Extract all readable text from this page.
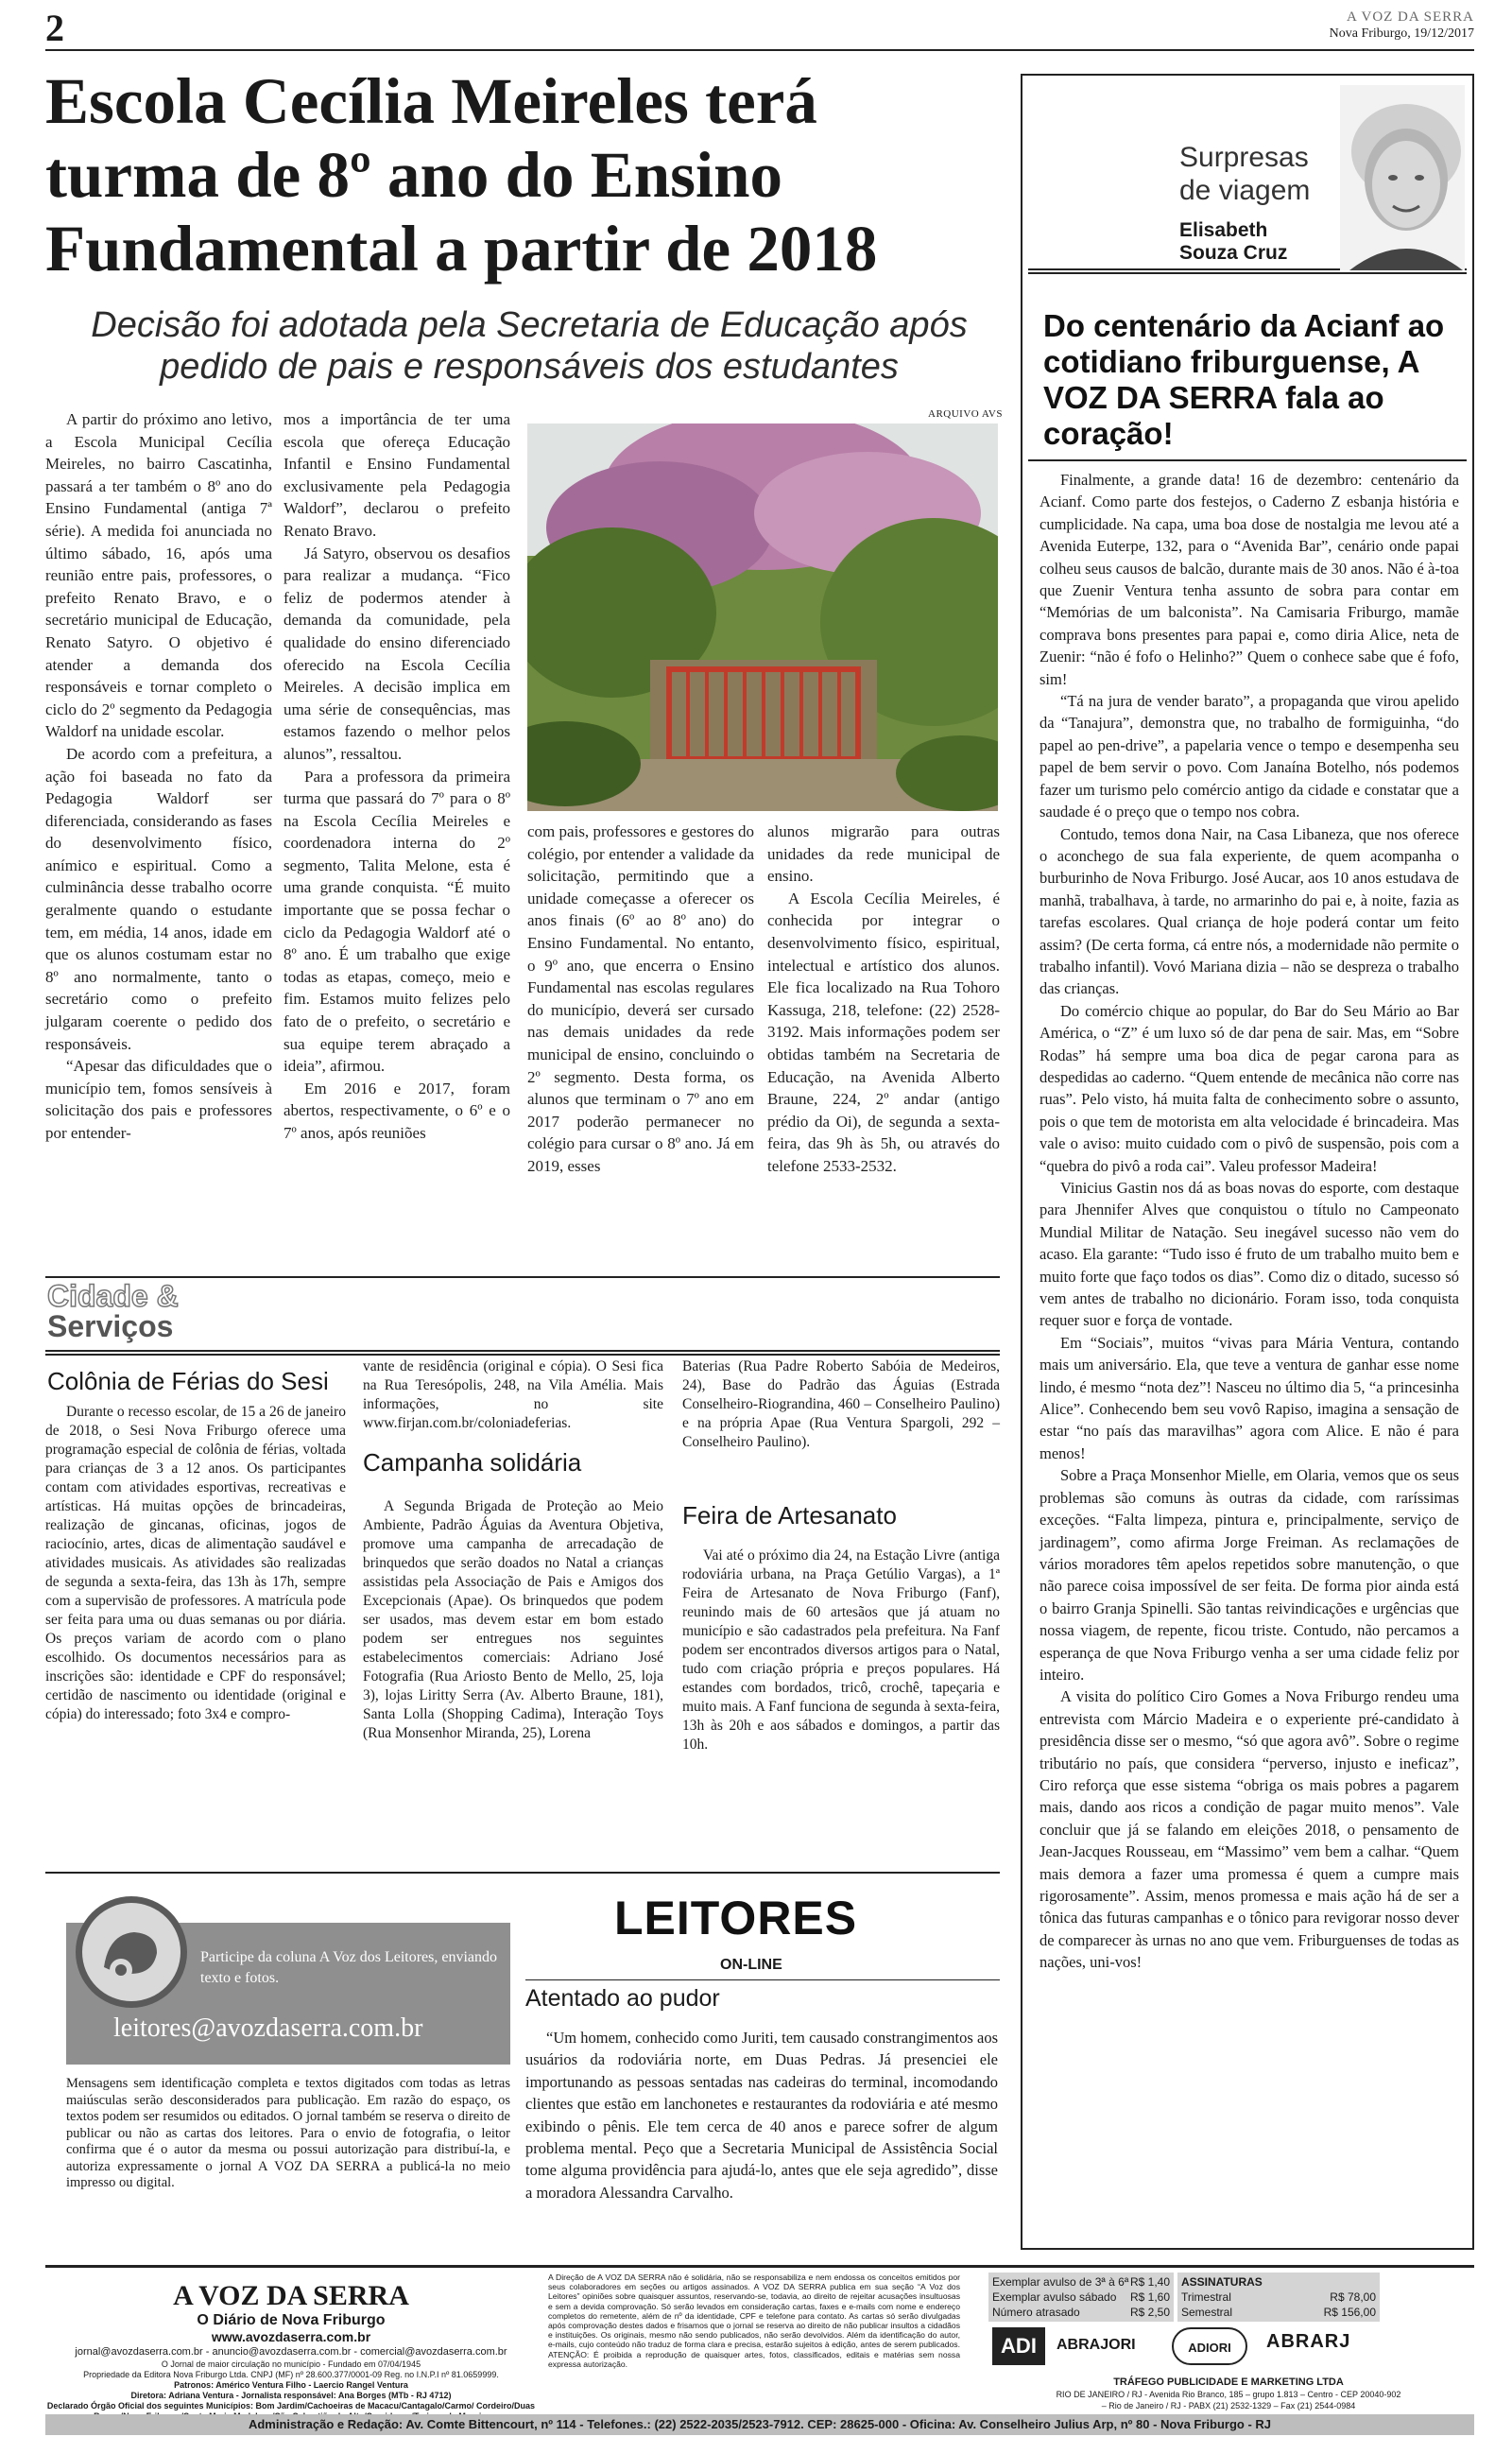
2	A VOZ DA SERRA
Nova Friburgo, 19/12/2017
Escola Cecília Meireles terá turma de 8º ano do Ensino Fundamental a partir de 2018
Decisão foi adotada pela Secretaria de Educação após pedido de pais e responsáveis dos estudantes

A partir do próximo ano letivo, a Escola Municipal Cecília Meireles, no bairro Cascatinha, passará a ter também o 8º ano do Ensino Fundamental (antiga 7ª série). A medida foi anunciada no último sábado, 16, após uma reunião entre pais, professores, o prefeito Renato Bravo, e o secretário municipal de Educação, Renato Satyro. O objetivo é atender a demanda dos responsáveis e tornar completo o ciclo do 2º segmento da Pedagogia Waldorf na unidade escolar.

De acordo com a prefeitura, a ação foi baseada no fato da Pedagogia Waldorf ser diferenciada, considerando as fases do desenvolvimento físico, anímico e espiritual. Como a culminância desse trabalho ocorre geralmente quando o estudante tem, em média, 14 anos, idade em que os alunos costumam estar no 8º ano normalmente, tanto o secretário como o prefeito julgaram coerente o pedido dos responsáveis.

“Apesar das dificuldades que o município tem, fomos sensíveis à solicitação dos pais e professores por entender-

mos a importância de ter uma escola que ofereça Educação Infantil e Ensino Fundamental exclusivamente pela Pedagogia Waldorf”, declarou o prefeito Renato Bravo.

Já Satyro, observou os desafios para realizar a mudança. “Fico feliz de podermos atender à demanda da comunidade, pela qualidade do ensino diferenciado oferecido na Escola Cecília Meireles. A decisão implica em uma série de consequências, mas estamos fazendo o melhor pelos alunos”, ressaltou.

Para a professora da primeira turma que passará do 7º para o 8º na Escola Cecília Meireles e coordenadora interna do 2º segmento, Talita Melone, esta é uma grande conquista. “É muito importante que se possa fechar o ciclo da Pedagogia Waldorf até o 8º ano. É um trabalho que exige todas as etapas, começo, meio e fim. Estamos muito felizes pelo fato de o prefeito, o secretário e sua equipe terem abraçado a ideia”, afirmou.

Em 2016 e 2017, foram abertos, respectivamente, o 6º e o 7º anos, após reuniões

ARQUIVO AVS

com pais, professores e gestores do colégio, por entender a validade da solicitação, permitindo que a unidade começasse a oferecer os anos finais (6º ao 8º ano) do Ensino Fundamental. No entanto, o 9º ano, que encerra o Ensino Fundamental nas escolas regulares do município, deverá ser cursado nas demais unidades da rede municipal de ensino, concluindo o 2º segmento. Desta forma, os alunos que terminam o 7º ano em 2017 poderão permanecer no colégio para cursar o 8º ano. Já em 2019, esses

alunos migrarão para outras unidades da rede municipal de ensino.

A Escola Cecília Meireles, é conhecida por integrar o desenvolvimento físico, espiritual, intelectual e artístico dos alunos. Ele fica localizado na Rua Tohoro Kassuga, 218, telefone: (22) 2528-3192. Mais informações podem ser obtidas também na Secretaria de Educação, na Avenida Alberto Braune, 224, 2º andar (antigo prédio da Oi), de segunda a sexta-feira, das 9h às 5h, ou através do telefone 2533-2532.

Surpresas
de viagem
Elisabeth
Souza Cruz
Do centenário da Acianf ao cotidiano friburguense, A VOZ DA SERRA fala ao coração!

Finalmente, a grande data! 16 de dezembro: centenário da Acianf. Como parte dos festejos, o Caderno Z esbanja história e cumplicidade. Na capa, uma boa dose de nostalgia me levou até a Avenida Euterpe, 132, para o “Avenida Bar”, cenário onde papai colheu seus causos de balcão, durante mais de 30 anos. Não é à-toa que Zuenir Ventura tenha assunto de sobra para contar em “Memórias de um balconista”. Na Camisaria Friburgo, mamãe comprava bons presentes para papai e, como diria Alice, neta de Zuenir: “não é fofo o Helinho?” Quem o conhece sabe que é fofo, sim!

“Tá na jura de vender barato”, a propaganda que virou apelido da “Tanajura”, demonstra que, no trabalho de formiguinha, “do papel ao pen-drive”, a papelaria vence o tempo e desempenha seu papel de bem servir o povo. Com Janaína Botelho, nós podemos fazer um turismo pelo comércio antigo da cidade e constatar que a saudade é o preço que o tempo nos cobra.

Contudo, temos dona Nair, na Casa Libaneza, que nos oferece o aconchego de sua fala experiente, de quem acompanha o burburinho de Nova Friburgo. José Aucar, aos 10 anos estudava de manhã, trabalhava, à tarde, no armarinho do pai e, à noite, fazia as tarefas escolares. Qual criança de hoje poderá contar um feito assim? (De certa forma, cá entre nós, a modernidade não permite o trabalho infantil). Vovó Mariana dizia – não se despreza o trabalho das crianças.

Do comércio chique ao popular, do Bar do Seu Mário ao Bar América, o “Z” é um luxo só de dar pena de sair. Mas, em “Sobre Rodas” há sempre uma boa dica de pegar carona para as despedidas ao caderno. “Quem entende de mecânica não corre nas ruas”. Pelo visto, há muita falta de conhecimento sobre o assunto, pois o que tem de motorista em alta velocidade é brincadeira. Mas vale o aviso: muito cuidado com o pivô de suspensão, pois com a “quebra do pivô a roda cai”. Valeu professor Madeira!

Vinicius Gastin nos dá as boas novas do esporte, com destaque para Jhennifer Alves que conquistou o título no Campeonato Mundial Militar de Natação. Seu inegável sucesso não vem do acaso. Ela garante: “Tudo isso é fruto de um trabalho muito bem e muito forte que faço todos os dias”. Como diz o ditado, sucesso só vem antes de trabalho no dicionário. Foram isso, toda conquista requer suor e força de vontade.

Em “Sociais”, muitos “vivas para Mária Ventura, contando mais um aniversário. Ela, que teve a ventura de ganhar esse nome lindo, é mesmo “nota dez”! Nasceu no último dia 5, “a princesinha Alice”. Conhecendo bem seu vovô Rapiso, imagina a sensação de estar “no país das maravilhas” agora com Alice. E não é para menos!

Sobre a Praça Monsenhor Mielle, em Olaria, vemos que os seus problemas são comuns às outras da cidade, com raríssimas exceções. “Falta limpeza, pintura e, principalmente, serviço de jardinagem”, como afirma Jorge Freiman. As reclamações de vários moradores têm apelos repetidos sobre manutenção, o que não parece coisa impossível de ser feita. De forma pior ainda está o bairro Granja Spinelli. São tantas reivindicações e urgências que nossa viagem, de repente, ficou triste. Contudo, não percamos a esperança de que Nova Friburgo venha a ser uma cidade feliz por inteiro.

A visita do político Ciro Gomes a Nova Friburgo rendeu uma entrevista com Márcio Madeira e o experiente pré-candidato à presidência disse ser o mesmo, “só que agora avô”. Sobre o regime tributário no país, que considera “perverso, injusto e ineficaz”, Ciro reforça que esse sistema “obriga os mais pobres a pagarem mais, dando aos ricos a condição de pagar muito menos”. Vale concluir que já se falando em eleições 2018, o pensamento de Jean-Jacques Rousseau, em “Massimo” vem bem a calhar. “Quem mais demora a fazer uma promessa é quem a cumpre mais rigorosamente”. Assim, menos promessa e mais ação há de ser a tônica das futuras campanhas e o tônico para revigorar nosso dever de comparecer às urnas no ano que vem. Friburguenses de todas as nações, uni-vos!

Cidade &
Serviços
Colônia de Férias do Sesi
Durante o recesso escolar, de 15 a 26 de janeiro de 2018, o Sesi Nova Friburgo oferece uma programação especial de colônia de férias, voltada para crianças de 3 a 12 anos. Os participantes contam com atividades esportivas, recreativas e artísticas. Há muitas opções de brincadeiras, realização de gincanas, oficinas, jogos de raciocínio, artes, dicas de alimentação saudável e atividades musicais. As atividades são realizadas de segunda a sexta-feira, das 13h às 17h, sempre com a supervisão de professores. A matrícula pode ser feita para uma ou duas semanas ou por diária. Os preços variam de acordo com o plano escolhido. Os documentos necessários para as inscrições são: identidade e CPF do responsável; certidão de nascimento ou identidade (original e cópia) do interessado; foto 3x4 e compro-
vante de residência (original e cópia). O Sesi fica na Rua Teresópolis, 248, na Vila Amélia. Mais informações, no site www.firjan.com.br/coloniadeferias.
Campanha solidária
A Segunda Brigada de Proteção ao Meio Ambiente, Padrão Águias da Aventura Objetiva, promove uma campanha de arrecadação de brinquedos que serão doados no Natal a crianças assistidas pela Associação de Pais e Amigos dos Excepcionais (Apae). Os brinquedos que podem ser usados, mas devem estar em bom estado podem ser entregues nos seguintes estabelecimentos comerciais: Adriano José Fotografia (Rua Ariosto Bento de Mello, 25, loja 3), lojas Liritty Serra (Av. Alberto Braune, 181), Santa Lolla (Shopping Cadima), Interação Toys (Rua Monsenhor Miranda, 25), Lorena
Baterias (Rua Padre Roberto Sabóia de Medeiros, 24), Base do Padrão das Águias (Estrada Conselheiro-Riograndina, 460 – Conselheiro Paulino) e na própria Apae (Rua Ventura Spargoli, 292 – Conselheiro Paulino).
Feira de Artesanato
Vai até o próximo dia 24, na Estação Livre (antiga rodoviária urbana, na Praça Getúlio Vargas), a 1ª Feira de Artesanato de Nova Friburgo (Fanf), reunindo mais de 60 artesãos que já atuam no município e são cadastrados pela prefeitura. Na Fanf podem ser encontrados diversos artigos para o Natal, tudo com criação própria e preços populares. Há estandes com bordados, tricô, crochê, tapeçaria e muito mais. A Fanf funciona de segunda à sexta-feira, 13h às 20h e aos sábados e domingos, a partir das 10h.
Participe da coluna A Voz dos Leitores, enviando texto e fotos.
leitores@avozdaserra.com.br
Mensagens sem identificação completa e textos digitados com todas as letras maiúsculas serão desconsiderados para publicação. Em razão do espaço, os textos podem ser resumidos ou editados. O jornal também se reserva o direito de publicar ou não as cartas dos leitores. Para o envio de fotografia, o leitor confirma que é o autor da mesma ou possui autorização para distribuí-la, e autoriza expressamente o jornal A VOZ DA SERRA a publicá-la no meio impresso ou digital.
LEITORES
ON-LINE
Atentado ao pudor
“Um homem, conhecido como Juriti, tem causado constrangimentos aos usuários da rodoviária norte, em Duas Pedras. Já presenciei ele importunando as pessoas sentadas nas cadeiras do terminal, incomodando clientes que estão em lanchonetes e restaurantes da rodoviária e até mesmo exibindo o pênis. Ele tem cerca de 40 anos e parece sofrer de algum problema mental. Peço que a Secretaria Municipal de Assistência Social tome alguma providência para ajudá-lo, antes que ele seja agredido”, disse a moradora Alessandra Carvalho.
A VOZ DA SERRA
O Diário de Nova Friburgo
www.avozdaserra.com.br
jornal@avozdaserra.com.br - anuncio@avozdaserra.com.br - comercial@avozdaserra.com.br
O Jornal de maior circulação no município - Fundado em 07/04/1945
Propriedade da Editora Nova Friburgo Ltda. CNPJ (MF) nº 28.600.377/0001-09 Reg. no I.N.P.I nº 81.0659999.
Patronos: Américo Ventura Filho - Laercio Rangel Ventura
Diretora: Adriana Ventura - Jornalista responsável: Ana Borges (MTb - RJ 4712)
Declarado Órgão Oficial dos seguintes Municípios: Bom Jardim/Cachoeiras de Macacu/Cantagalo/Carmo/ Cordeiro/Duas
A Direção de A VOZ DA SERRA não é solidária, não se responsabiliza e nem endossa os conceitos emitidos por seus colaboradores em seções ou artigos assinados. A VOZ DA SERRA publica em sua seção “A Voz dos Leitores” opiniões sobre quaisquer assuntos, reservando-se, todavia, ao direito de rejeitar acusações insultuosas e sem a devida comprovação. Só serão levados em consideração cartas, faxes e e-mails com nome e endereço completos do remetente, além de nº da identidade, CPF e telefone para contato. As cartas só serão divulgadas após comprovação destes dados e frisamos que o jornal se reserva ao direito de não publicar insultos a cidadãos e instituições. Os originais, mesmo não sendo publicados, não serão devolvidos. Além da identificação do autor, e-mails, cujo conteúdo não traduz de forma clara e precisa, estarão sujeitos à edição, antes de serem publicados. ATENÇÃO: É proibida a reprodução de quaisquer artes, fotos, classificados, editais e matérias sem nossa expressa autorização.
Exemplar avulso de 3ª à 6ª R$ 1,40
Exemplar avulso sábado R$ 1,60
Número atrasado	R$ 2,50
ASSINATURAS
Trimestral	R$ 78,00
Semestral	R$ 156,00
ADI	ABRAJORI	ADIORI	ABRARJ
TRÁFEGO PUBLICIDADE E MARKETING LTDA
RIO DE JANEIRO / RJ - Avenida Rio Branco, 185 – grupo 1.813 – Centro - CEP 20040-902
– Rio de Janeiro / RJ - PABX (21) 2532-1329 – Fax (21) 2544-0984
Administração e Redação: Av. Comte Bittencourt, nº 114 - Telefones.: (22) 2522-2035/2523-7912. CEP: 28625-000 - Oficina: Av. Conselheiro Julius Arp, nº 80 - Nova Friburgo - RJ
